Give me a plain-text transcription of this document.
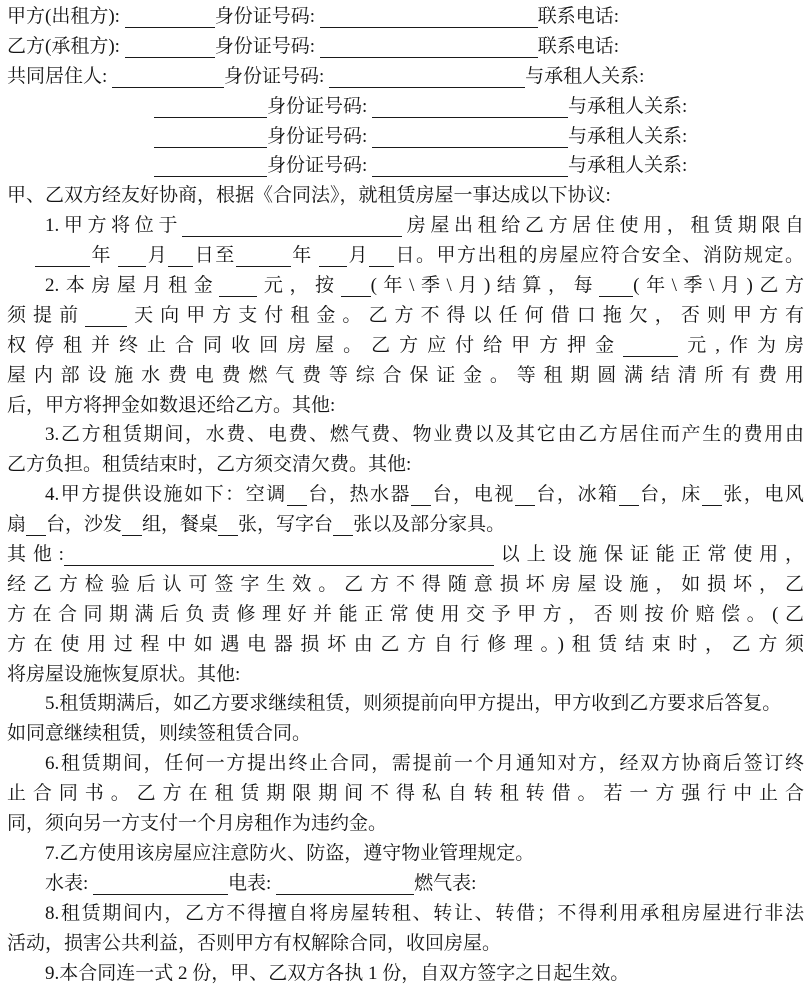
甲方(出租方):	身份证号码:	联系电话:
乙方(承租方):	身份证号码:	联系电话:
共同居住人:	身份证号码:	与承租人关系:
身份证号码:	与承租人关系:
身份证号码:	与承租人关系:
身份证号码:	与承租人关系:
甲、乙双方经友好协商，根据《合同法》，就租赁房屋一事达成以下协议:
1.甲方将位于	房屋出租给乙方居住使用，租赁期限自
年 月 日至	年 月 日。甲方出租的房屋应符合安全、消防规定。
2.本房屋月租金 元，按 (年\季\月)结算，每 (年\季\月)乙方
须提前 天向甲方支付租金。乙方不得以任何借口拖欠，否则甲方有
权停租并终止合同收回房屋。乙方应付给甲方押金	元,作为房
屋内部设施水费电费燃气费等综合保证金。等租期圆满结清所有费用
后，甲方将押金如数退还给乙方。其他:
3.乙方租赁期间，水费、电费、燃气费、物业费以及其它由乙方居住而产生的费用由
乙方负担。租赁结束时，乙方须交清欠费。其他:
4.甲方提供设施如下：空调 台，热水器 台，电视 台，冰箱 台，床 张，电风
扇 台，沙发 组，餐桌 张，写字台 张以及部分家具。
其他:	以上设施保证能正常使用，
经乙方检验后认可签字生效。乙方不得随意损坏房屋设施，如损坏，乙
方在合同期满后负责修理好并能正常使用交予甲方，否则按价赔偿。(乙
方在使用过程中如遇电器损坏由乙方自行修理。)租赁结束时，乙方须
将房屋设施恢复原状。其他:
5.租赁期满后，如乙方要求继续租赁，则须提前向甲方提出，甲方收到乙方要求后答复。
如同意继续租赁，则续签租赁合同。
6.租赁期间，任何一方提出终止合同，需提前一个月通知对方，经双方协商后签订终
止合同书。乙方在租赁期限期间不得私自转租转借。若一方强行中止合
同，须向另一方支付一个月房租作为违约金。
7.乙方使用该房屋应注意防火、防盗，遵守物业管理规定。
水表:	电表:	燃气表:
8.租赁期间内，乙方不得擅自将房屋转租、转让、转借；不得利用承租房屋进行非法
活动，损害公共利益，否则甲方有权解除合同，收回房屋。
9.本合同连一式 2 份，甲、乙双方各执 1 份，自双方签字之日起生效。
